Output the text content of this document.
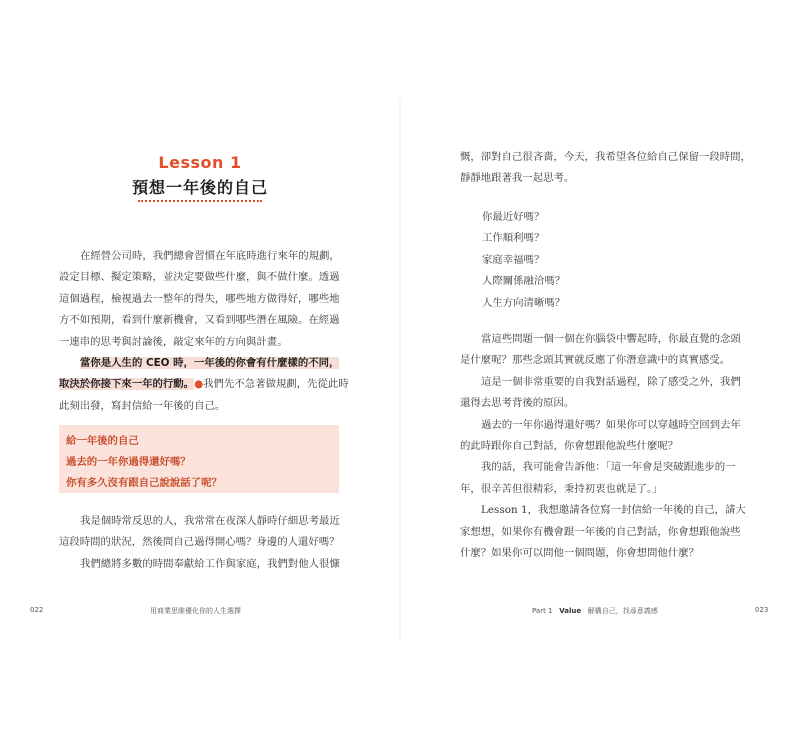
Lesson 1
預想一年後的自己
在經營公司時，我們總會習慣在年底時進行來年的規劃，
設定目標、擬定策略，並決定要做些什麼，與不做什麼。透過
這個過程，檢視過去一整年的得失，哪些地方做得好，哪些地
方不如預期，看到什麼新機會，又看到哪些潛在風險。在經過
一連串的思考與討論後，敲定來年的方向與計畫。
當你是人生的 CEO 時，一年後的你會有什麼樣的不同，
取決於你接下來一年的行動。●我們先不急著做規劃，先從此時
此刻出發，寫封信給一年後的自己。
給一年後的自己
過去的一年你過得還好嗎？
你有多久沒有跟自己說說話了呢？
我是個時常反思的人，我常常在夜深人靜時仔細思考最近
這段時間的狀況，然後問自己過得開心嗎？身邊的人還好嗎？
我們總將多數的時間奉獻給工作與家庭，我們對他人很慷
022	用商業思維優化你的人生選擇
慨，卻對自己很吝嗇，今天，我希望各位給自己保留一段時間，
靜靜地跟著我一起思考。
你最近好嗎？
工作順利嗎？
家庭幸福嗎？
人際關係融洽嗎？
人生方向清晰嗎？
當這些問題一個一個在你腦袋中響起時，你最直覺的念頭
是什麼呢？那些念頭其實就反應了你潛意識中的真實感受。
這是一個非常重要的自我對話過程，除了感受之外，我們
還得去思考背後的原因。
過去的一年你過得還好嗎？如果你可以穿越時空回到去年
的此時跟你自己對話，你會想跟他說些什麼呢？
我的話，我可能會告訴他：「這一年會是突破跟進步的一
年，很辛苦但很精彩，秉持初衷也就是了。」
Lesson 1，我想邀請各位寫一封信給一年後的自己，請大
家想想，如果你有機會跟一年後的自己對話，你會想跟他說些
什麼？如果你可以問他一個問題，你會想問他什麼？
Part 1 Value 解構自己，找尋意義感	023
